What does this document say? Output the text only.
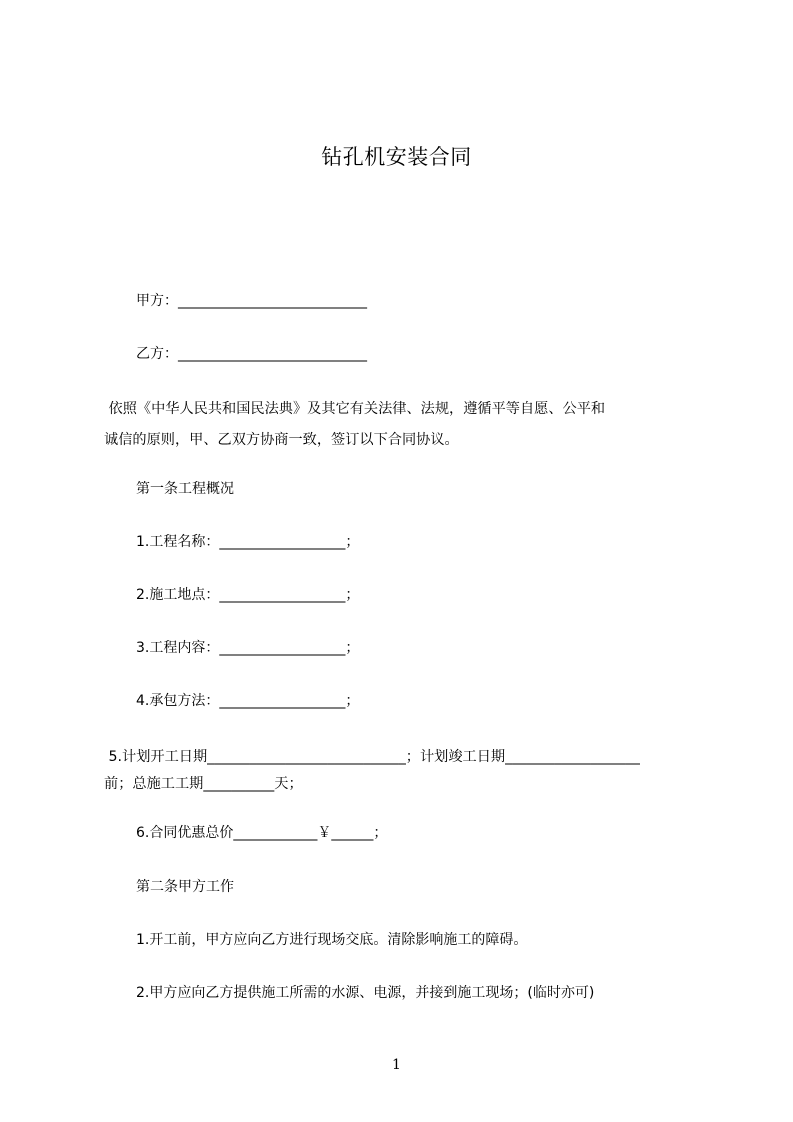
钻孔机安装合同
甲方：___________________________
乙方：___________________________
依照《中华人民共和国民法典》及其它有关法律、法规，遵循平等自愿、公平和
诚信的原则，甲、乙双方协商一致，签订以下合同协议。
第一条工程概况
1.工程名称：__________________；
2.施工地点：__________________；
3.工程内容：__________________；
4.承包方法：__________________；
5.计划开工日期____________________________；计划竣工日期___________________
前；总施工工期__________天；
6.合同优惠总价____________￥______；
第二条甲方工作
1.开工前，甲方应向乙方进行现场交底。清除影响施工的障碍。
2.甲方应向乙方提供施工所需的水源、电源，并接到施工现场；(临时亦可)
1
